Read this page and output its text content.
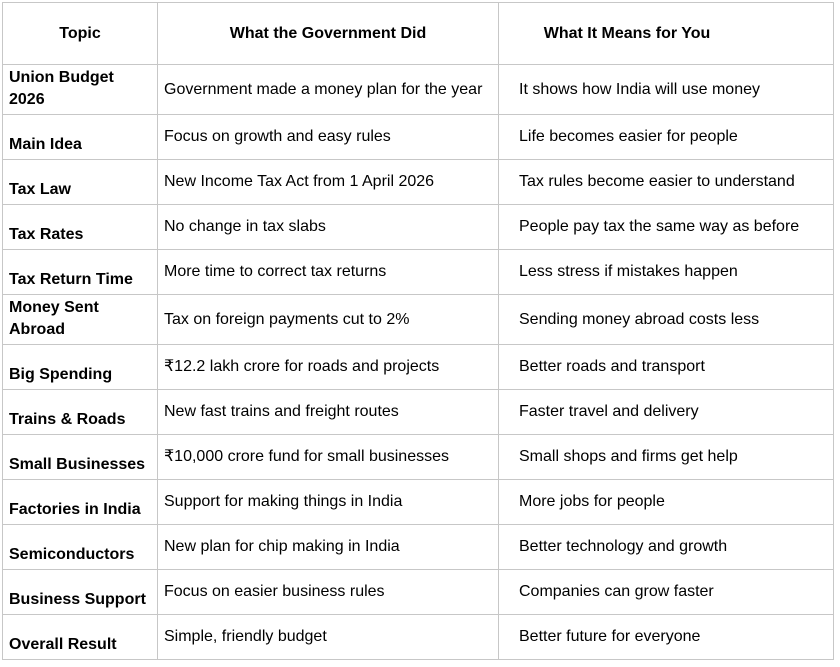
Topic	What the Government Did	What It Means for You
Union Budget 2026	Government made a money plan for the year	It shows how India will use money
Main Idea	Focus on growth and easy rules	Life becomes easier for people
Tax Law	New Income Tax Act from 1 April 2026	Tax rules become easier to understand
Tax Rates	No change in tax slabs	People pay tax the same way as before
Tax Return Time	More time to correct tax returns	Less stress if mistakes happen
Money Sent Abroad	Tax on foreign payments cut to 2%	Sending money abroad costs less
Big Spending	₹12.2 lakh crore for roads and projects	Better roads and transport
Trains & Roads	New fast trains and freight routes	Faster travel and delivery
Small Businesses	₹10,000 crore fund for small businesses	Small shops and firms get help
Factories in India	Support for making things in India	More jobs for people
Semiconductors	New plan for chip making in India	Better technology and growth
Business Support	Focus on easier business rules	Companies can grow faster
Overall Result	Simple, friendly budget	Better future for everyone
